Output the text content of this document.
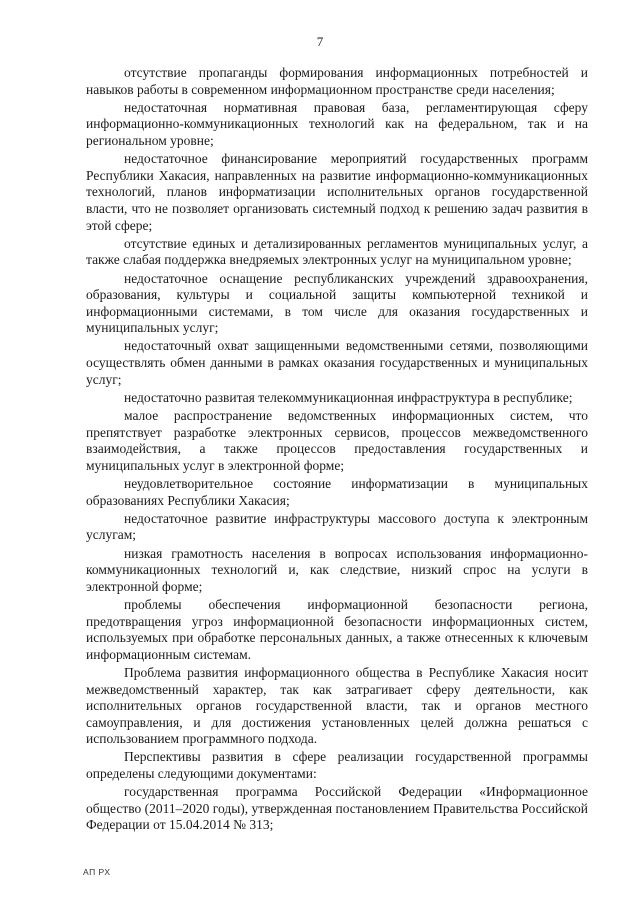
7

отсутствие пропаганды формирования информационных потребностей и навыков работы в современном информационном пространстве среди населения;

недостаточная нормативная правовая база, регламентирующая сферу информационно-коммуникационных технологий как на федеральном, так и на региональном уровне;

недостаточное финансирование мероприятий государственных программ Республики Хакасия, направленных на развитие информационно-коммуникационных технологий, планов информатизации исполнительных органов государственной власти, что не позволяет организовать системный подход к решению задач развития в этой сфере;

отсутствие единых и детализированных регламентов муниципальных услуг, а также слабая поддержка внедряемых электронных услуг на муниципальном уровне;

недостаточное оснащение республиканских учреждений здравоохранения, образования, культуры и социальной защиты компьютерной техникой и информационными системами, в том числе для оказания государственных и муниципальных услуг;

недостаточный охват защищенными ведомственными сетями, позволяющими осуществлять обмен данными в рамках оказания государственных и муниципальных услуг;

недостаточно развитая телекоммуникационная инфраструктура в республике;

малое распространение ведомственных информационных систем, что препятствует разработке электронных сервисов, процессов межведомственного взаимодействия, а также процессов предоставления государственных и муниципальных услуг в электронной форме;

неудовлетворительное состояние информатизации в муниципальных образованиях Республики Хакасия;

недостаточное развитие инфраструктуры массового доступа к электронным услугам;

низкая грамотность населения в вопросах использования информационно-коммуникационных технологий и, как следствие, низкий спрос на услуги в электронной форме;

проблемы обеспечения информационной безопасности региона, предотвращения угроз информационной безопасности информационных систем, используемых при обработке персональных данных, а также отнесенных к ключевым информационным системам.

Проблема развития информационного общества в Республике Хакасия носит межведомственный характер, так как затрагивает сферу деятельности, как исполнительных органов государственной власти, так и органов местного самоуправления, и для достижения установленных целей должна решаться с использованием программного подхода.

Перспективы развития в сфере реализации государственной программы определены следующими документами:

государственная программа Российской Федерации «Информационное общество (2011–2020 годы), утвержденная постановлением Правительства Российской Федерации от 15.04.2014 № 313;

АП РХ
